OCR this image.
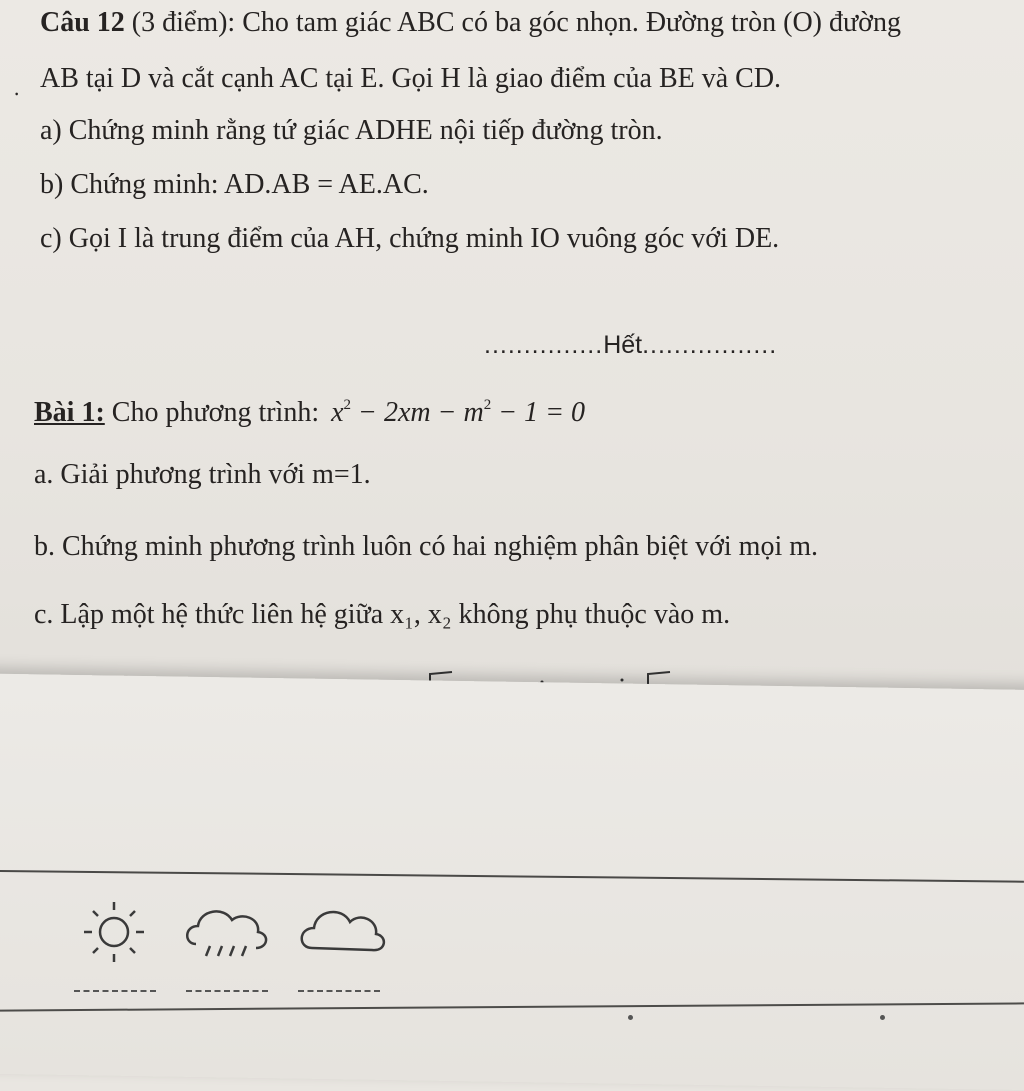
⸱
Câu 12 (3 điểm): Cho tam giác ABC có ba góc nhọn. Đường tròn (O) đường
AB tại D và cắt cạnh AC tại E. Gọi H là giao điểm của BE và CD.
a) Chứng minh rằng tứ giác ADHE nội tiếp đường tròn.
b) Chứng minh: AD.AB = AE.AC.
c) Gọi I là trung điểm của AH, chứng minh IO vuông góc với DE.
...............Hết.................
Bài 1: Cho phương trình: $x^2 - 2xm - m^2 - 1 = 0$
a. Giải phương trình với m=1.
b. Chứng minh phương trình luôn có hai nghiệm phân biệt với mọi m.
c. Lập một hệ thức liên hệ giữa x₁, x₂ không phụ thuộc vào m.
